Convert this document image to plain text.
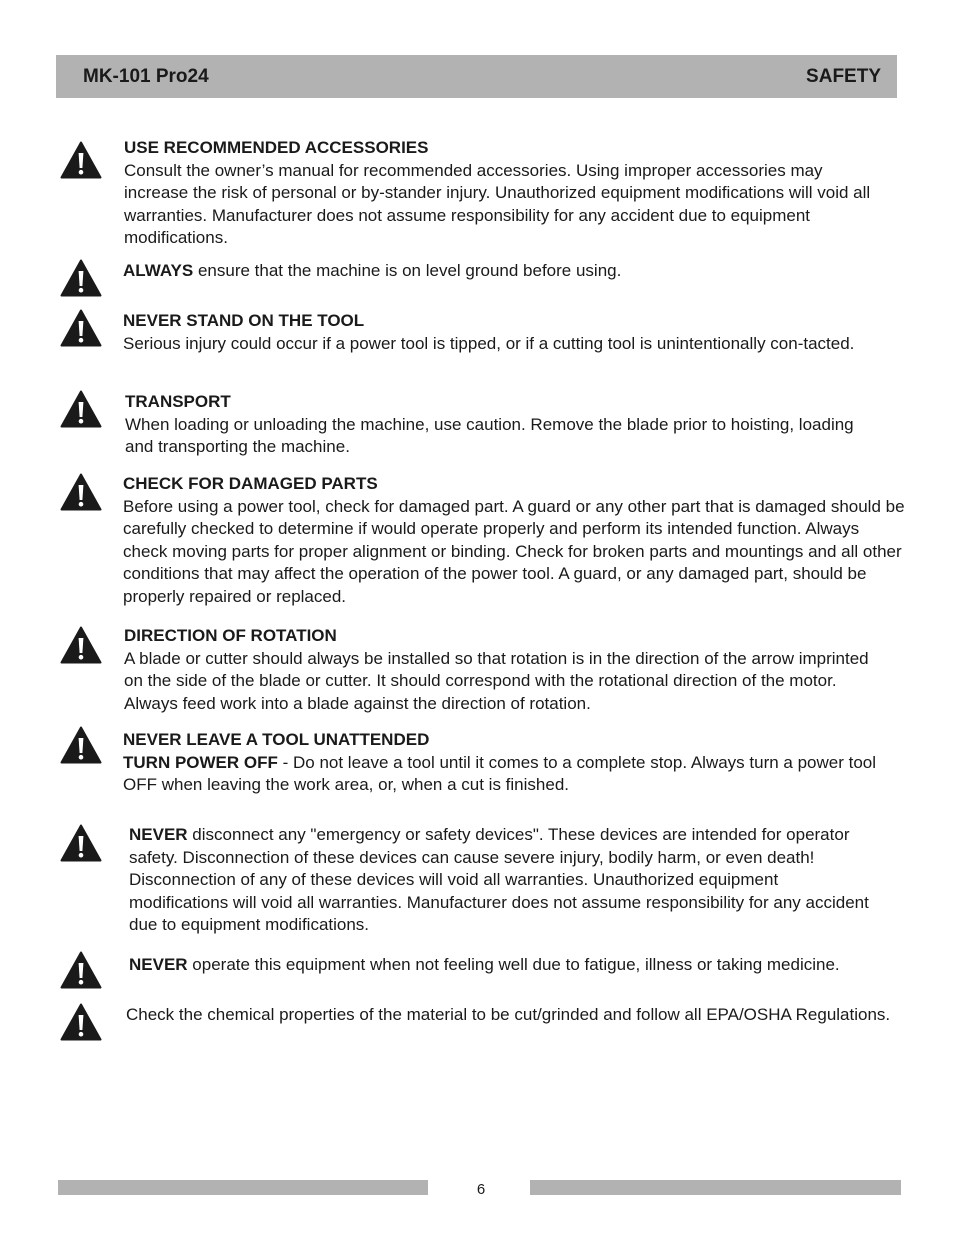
MK-101 Pro24	SAFETY
USE RECOMMENDED ACCESSORIES
Consult the owner’s manual for recommended accessories. Using improper accessories may increase the risk of personal or by-stander injury. Unauthorized equipment modifications will void all warranties. Manufacturer does not assume responsibility for any accident due to equipment modifications.
ALWAYS ensure that the machine is on level ground before using.
NEVER STAND ON THE TOOL
Serious injury could occur if a power tool is tipped, or if a cutting tool is unintentionally con-tacted.
TRANSPORT
When loading or unloading the machine, use caution. Remove the blade prior to hoisting, loading and transporting the machine.
CHECK FOR DAMAGED PARTS
Before using a power tool, check for damaged part. A guard or any other part that is damaged should be carefully checked to determine if would operate properly and perform its intended function. Always check moving parts for proper alignment or binding. Check for broken parts and mountings and all other conditions that may affect the operation of the power tool. A guard, or any damaged part, should be properly repaired or replaced.
DIRECTION OF ROTATION
A blade or cutter should always be installed so that rotation is in the direction of the arrow imprinted on the side of the blade or cutter. It should correspond with the rotational direction of the motor. Always feed work into a blade against the direction of rotation.
NEVER LEAVE A TOOL UNATTENDED
TURN POWER OFF - Do not leave a tool until it comes to a complete stop. Always turn a power tool OFF when leaving the work area, or, when a cut is finished.
NEVER disconnect any "emergency or safety devices". These devices are intended for operator safety. Disconnection of these devices can cause severe injury, bodily harm, or even death! Disconnection of any of these devices will void all warranties. Unauthorized equipment modifications will void all warranties. Manufacturer does not assume responsibility for any accident due to equipment modifications.
NEVER operate this equipment when not feeling well due to fatigue, illness or taking medicine.
Check the chemical properties of the material to be cut/grinded and follow all EPA/OSHA Regulations.
6
